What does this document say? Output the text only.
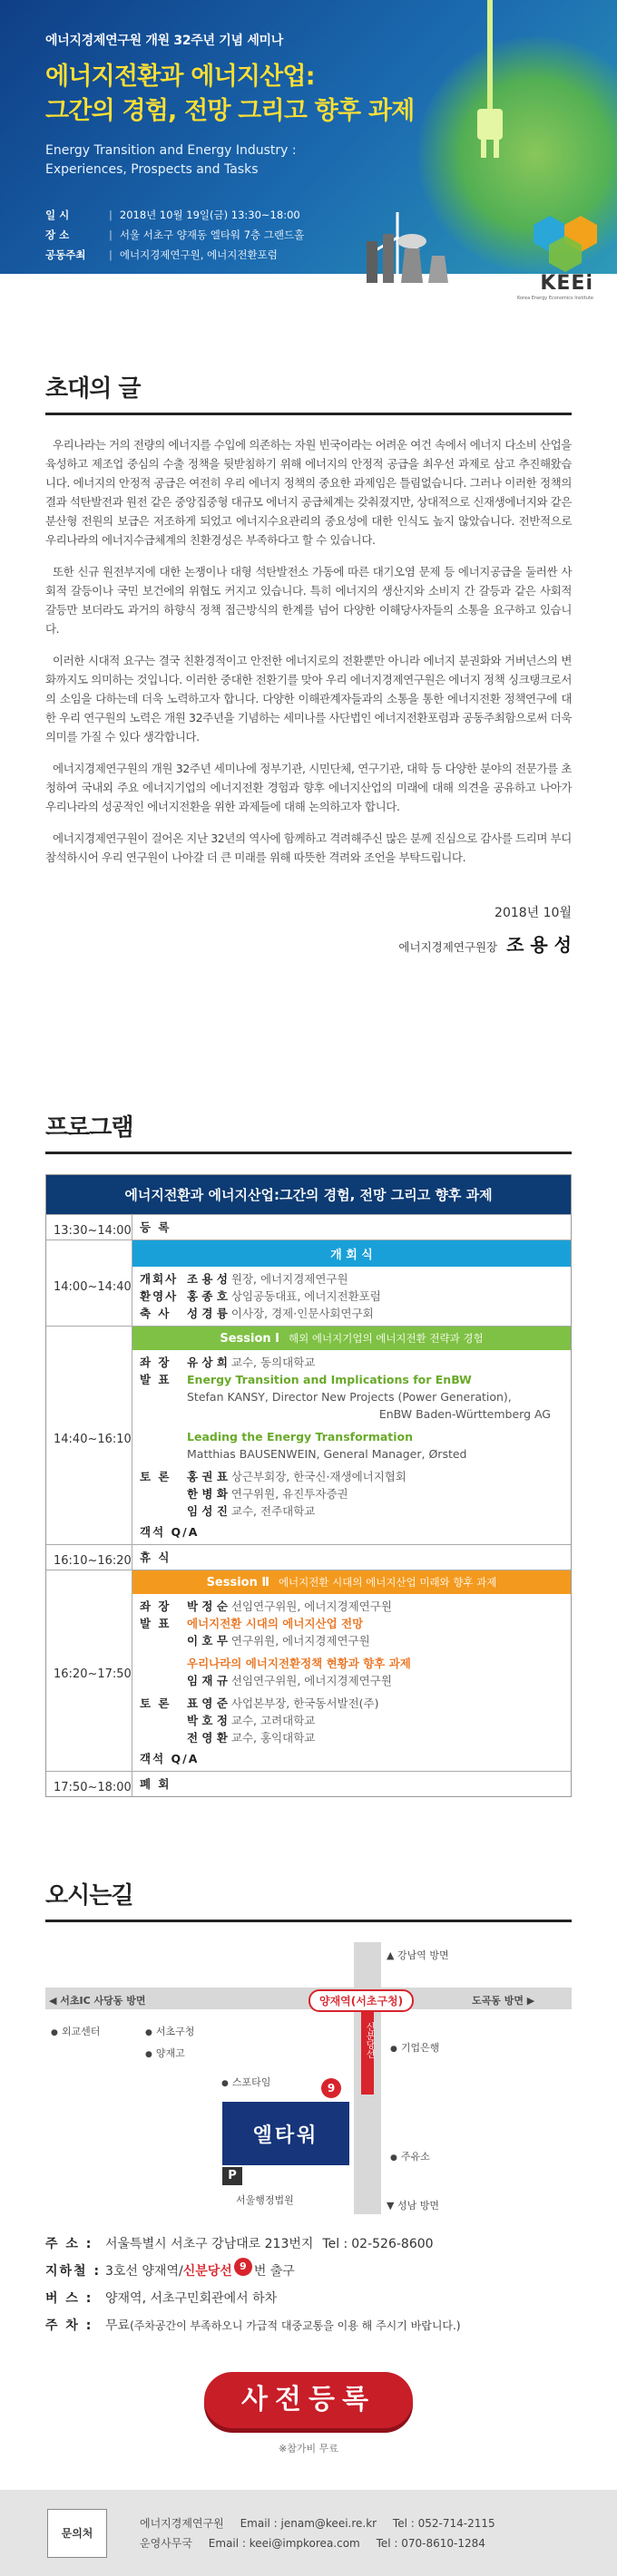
에너지경제연구원 개원 32주년 기념 세미나
에너지전환과 에너지산업:
그간의 경험, 전망 그리고 향후 과제
Energy Transition and Energy Industry :
Experiences, Prospects and Tasks
일 시	| 2018년 10월 19일(금) 13:30~18:00
장 소	| 서울 서초구 양재동 엘타워 7층 그랜드홀
공동주최	| 에너지경제연구원, 에너지전환포럼
KEEi
Korea Energy Economics Institute
초대의 글

우리나라는 거의 전량의 에너지를 수입에 의존하는 자원 빈국이라는 어려운 여건 속에서 에너지 다소비 산업을 육성하고 제조업 중심의 수출 정책을 뒷받침하기 위해 에너지의 안정적 공급을 최우선 과제로 삼고 추진해왔습니다. 에너지의 안정적 공급은 여전히 우리 에너지 정책의 중요한 과제임은 틀림없습니다. 그러나 이러한 정책의 결과 석탄발전과 원전 같은 중앙집중형 대규모 에너지 공급체계는 갖춰졌지만, 상대적으로 신재생에너지와 같은 분산형 전원의 보급은 저조하게 되었고 에너지수요관리의 중요성에 대한 인식도 높지 않았습니다. 전반적으로 우리나라의 에너지수급체계의 친환경성은 부족하다고 할 수 있습니다.

또한 신규 원전부지에 대한 논쟁이나 대형 석탄발전소 가동에 따른 대기오염 문제 등 에너지공급을 둘러싼 사회적 갈등이나 국민 보건에의 위협도 커지고 있습니다. 특히 에너지의 생산지와 소비지 간 갈등과 같은 사회적 갈등만 보더라도 과거의 하향식 정책 접근방식의 한계를 넘어 다양한 이해당사자들의 소통을 요구하고 있습니다.

이러한 시대적 요구는 결국 친환경적이고 안전한 에너지로의 전환뿐만 아니라 에너지 분권화와 거버넌스의 변화까지도 의미하는 것입니다. 이러한 중대한 전환기를 맞아 우리 에너지경제연구원은 에너지 정책 싱크탱크로서의 소임을 다하는데 더욱 노력하고자 합니다. 다양한 이해관계자들과의 소통을 통한 에너지전환 정책연구에 대한 우리 연구원의 노력은 개원 32주년을 기념하는 세미나를 사단법인 에너지전환포럼과 공동주최함으로써 더욱 의미를 가질 수 있다 생각합니다.

에너지경제연구원의 개원 32주년 세미나에 정부기관, 시민단체, 연구기관, 대학 등 다양한 분야의 전문가를 초청하여 국내외 주요 에너지기업의 에너지전환 경험과 향후 에너지산업의 미래에 대해 의견을 공유하고 나아가 우리나라의 성공적인 에너지전환을 위한 과제들에 대해 논의하고자 합니다.

에너지경제연구원이 걸어온 지난 32년의 역사에 함께하고 격려해주신 많은 분께 진심으로 감사를 드리며 부디 참석하시어 우리 연구원이 나아갈 더 큰 미래를 위해 따뜻한 격려와 조언을 부탁드립니다.

2018년 10월
에너지경제연구원장 조 용 성
프로그램
에너지전환과 에너지산업:그간의 경험, 전망 그리고 향후 과제
13:30~14:00 등 록
14:00~14:40
개 회 식
개회사 조 용 성 원장, 에너지경제연구원
환영사 홍 종 호 상임공동대표, 에너지전환포럼
축 사	성 경 륭 이사장, 경제·인문사회연구회
14:40~16:10
Session Ⅰ 해외 에너지기업의 에너지전환 전략과 경험
좌 장	유 상 희 교수, 동의대학교
발 표	Energy Transition and Implications for EnBW
Stefan KANSY, Director New Projects (Power Generation),
EnBW Baden-Württemberg AG
Leading the Energy Transformation
Matthias BAUSENWEIN, General Manager, Ørsted
토 론	홍 권 표 상근부회장, 한국신·재생에너지협회
한 병 화 연구위원, 유진투자증권
임 성 진 교수, 전주대학교
객석 Q/A
16:10~16:20 휴 식
16:20~17:50
Session Ⅱ 에너지전환 시대의 에너지산업 미래와 향후 과제
좌 장	박 정 순 선임연구위원, 에너지경제연구원
발 표	에너지전환 시대의 에너지산업 전망
이 호 무 연구위원, 에너지경제연구원
우리나라의 에너지전환정책 현황과 향후 과제
임 재 규 선임연구위원, 에너지경제연구원
토 론	표 영 준 사업본부장, 한국동서발전(주)
박 호 정 교수, 고려대학교
전 영 환 교수, 홍익대학교
객석 Q/A
17:50~18:00 폐 회
오시는길
신분당선
▲ 강남역 방면
▼ 성남 방면
◀ 서초IC 사당동 방면	도곡동 방면 ▶
양재역(서초구청)
● 외교센터
●	서초구청
● 양재고
● 스포타임
● 기업은행
● 주유소
서울행정법원
9
엘타워
P
주 소 : 서울특별시 서초구 강남대로 213번지 Tel : 02-526-8600
지하철 : 3호선 양재역/ 신분당선 9 번 출구
버 스 : 양재역, 서초구민회관에서 하차
주 차 : 무료 (주차공간이 부족하오니 가급적 대중교통을 이용 해 주시기 바랍니다.)
사전등록
※참가비 무료
문의처
에너지경제연구원 Email : jenam@keei.re.kr Tel : 052-714-2115
운영사무국 Email : keei@impkorea.com Tel : 070-8610-1284
